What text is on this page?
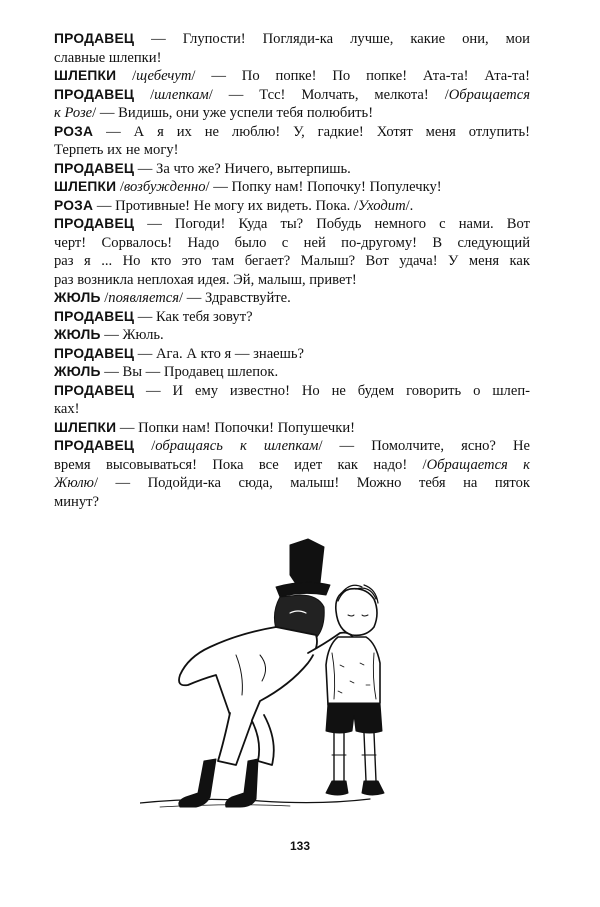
ПРОДАВЕЦ — Глупости! Погляди-ка лучше, какие они, мои
славные шлепки!
ШЛЕПКИ /щебечут/ — По попке! По попке! Ата-та! Ата-та!
ПРОДАВЕЦ /шлепкам/ — Тсс! Молчать, мелкота! /Обращается
к Розе/ — Видишь, они уже успели тебя полюбить!
РОЗА — А я их не люблю! У, гадкие! Хотят меня отлупить!
Терпеть их не могу!
ПРОДАВЕЦ — За что же? Ничего, вытерпишь.
ШЛЕПКИ /возбужденно/ — Попку нам! Попочку! Популечку!
РОЗА — Противные! Не могу их видеть. Пока. /Уходит/.
ПРОДАВЕЦ — Погоди! Куда ты? Побудь немного с нами. Вот
черт! Сорвалось! Надо было с ней по-другому! В следующий
раз я ... Но кто это там бегает? Малыш? Вот удача! У меня как
раз возникла неплохая идея. Эй, малыш, привет!
ЖЮЛЬ /появляется/ — Здравствуйте.
ПРОДАВЕЦ — Как тебя зовут?
ЖЮЛЬ — Жюль.
ПРОДАВЕЦ — Ага. А кто я — знаешь?
ЖЮЛЬ — Вы — Продавец шлепок.
ПРОДАВЕЦ — И ему известно! Но не будем говорить о шлеп-
ках!
ШЛЕПКИ — Попки нам! Попочки! Попушечки!
ПРОДАВЕЦ /обращаясь к шлепкам/ — Помолчите, ясно? Не
время высовываться! Пока все идет как надо! /Обращается к
Жюлю/ — Подойди-ка сюда, малыш! Можно тебя на пяток
минут?
133
